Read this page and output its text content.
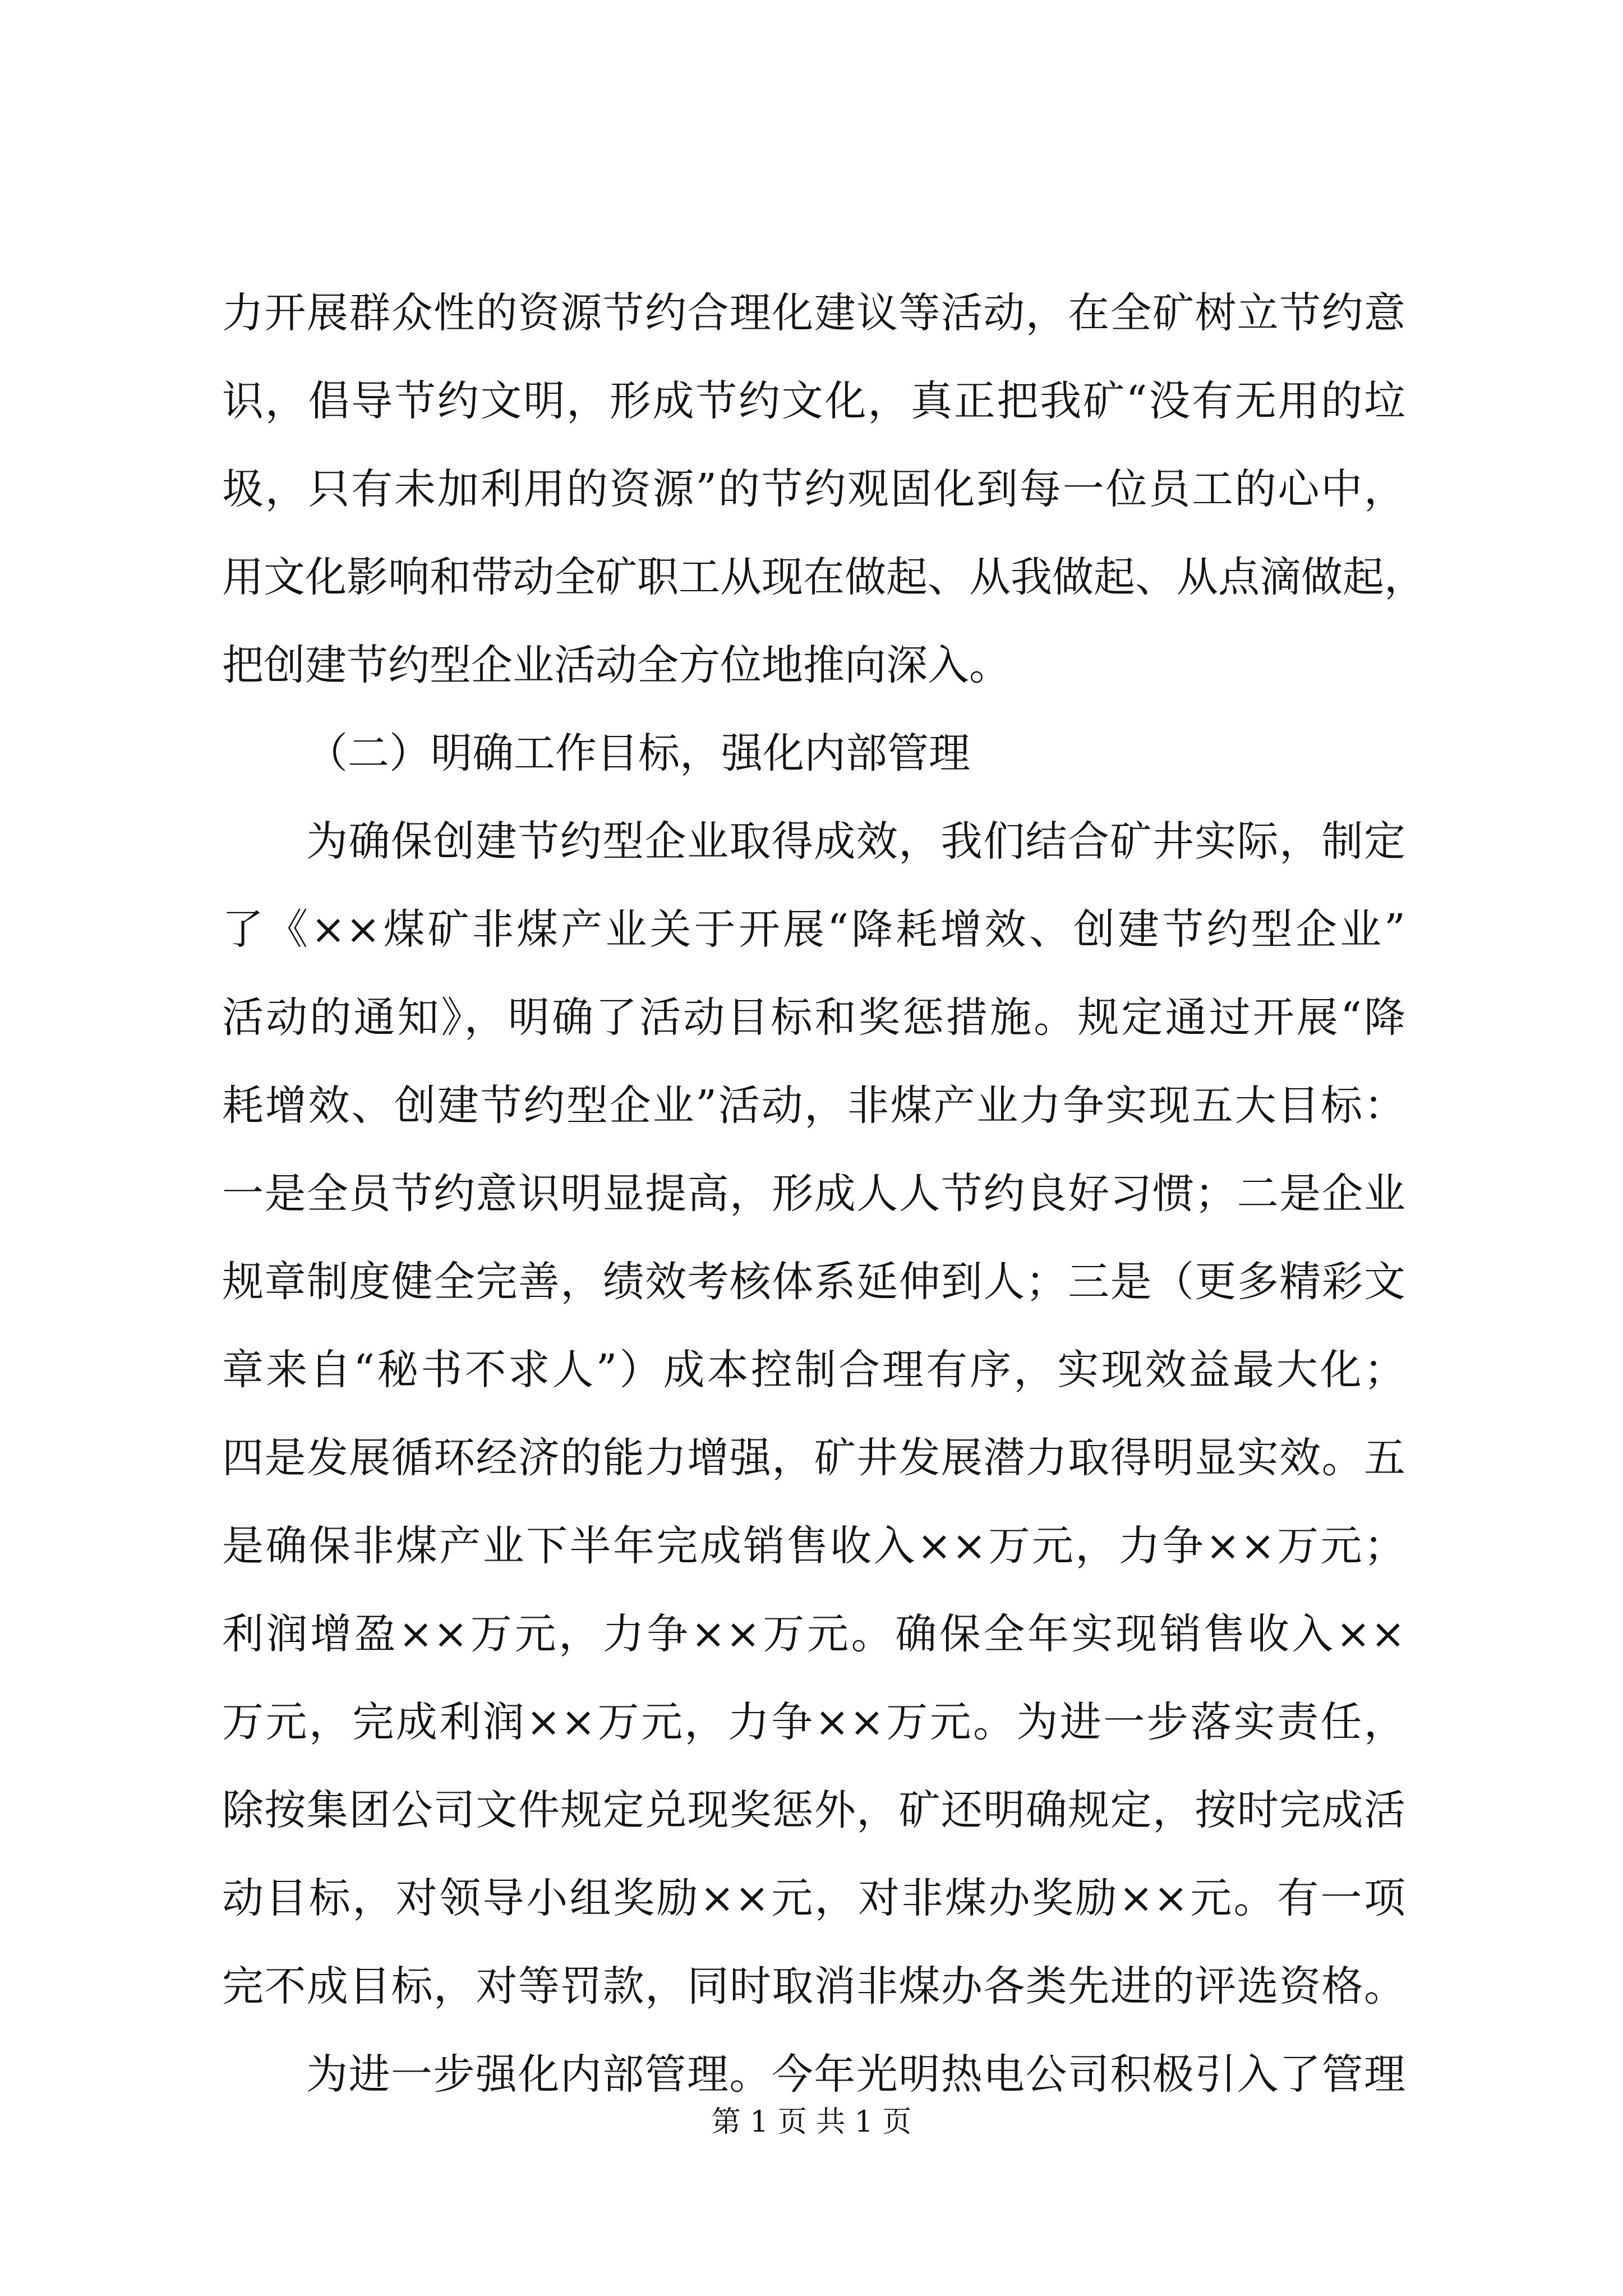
力开展群众性的资源节约合理化建议等活动，在全矿树立节约意
识，倡导节约文明，形成节约文化，真正把我矿“没有无用的垃
圾，只有未加利用的资源”的节约观固化到每一位员工的心中，
用文化影响和带动全矿职工从现在做起、从我做起、从点滴做起，
把创建节约型企业活动全方位地推向深入。
（二）明确工作目标，强化内部管理
为确保创建节约型企业取得成效，我们结合矿井实际，制定
了《××煤矿非煤产业关于开展“降耗增效、创建节约型企业”
活动的通知》，明确了活动目标和奖惩措施。规定通过开展“降
耗增效、创建节约型企业”活动，非煤产业力争实现五大目标：
一是全员节约意识明显提高，形成人人节约良好习惯；二是企业
规章制度健全完善，绩效考核体系延伸到人；三是（更多精彩文
章来自“秘书不求人”）成本控制合理有序，实现效益最大化；
四是发展循环经济的能力增强，矿井发展潜力取得明显实效。五
是确保非煤产业下半年完成销售收入××万元，力争××万元；
利润增盈××万元，力争××万元。确保全年实现销售收入××
万元，完成利润××万元，力争××万元。为进一步落实责任，
除按集团公司文件规定兑现奖惩外，矿还明确规定，按时完成活
动目标，对领导小组奖励××元，对非煤办奖励××元。有一项
完不成目标，对等罚款，同时取消非煤办各类先进的评选资格。
为进一步强化内部管理。今年光明热电公司积极引入了管理
第 1 页 共 1 页
